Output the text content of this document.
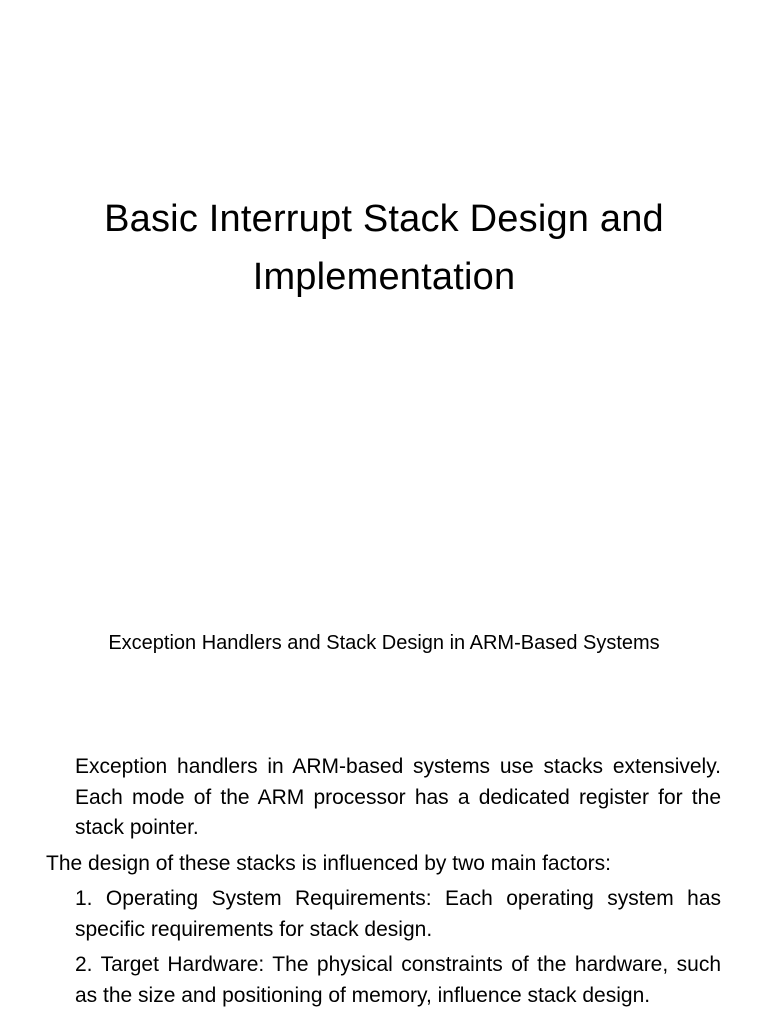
Basic Interrupt Stack Design and Implementation

Exception Handlers and Stack Design in ARM-Based Systems

Exception handlers in ARM-based systems use stacks extensively. Each mode of the ARM processor has a dedicated register for the stack pointer.

The design of these stacks is influenced by two main factors:

1. Operating System Requirements: Each operating system has specific requirements for stack design.

2. Target Hardware: The physical constraints of the hardware, such as the size and positioning of memory, influence stack design.
